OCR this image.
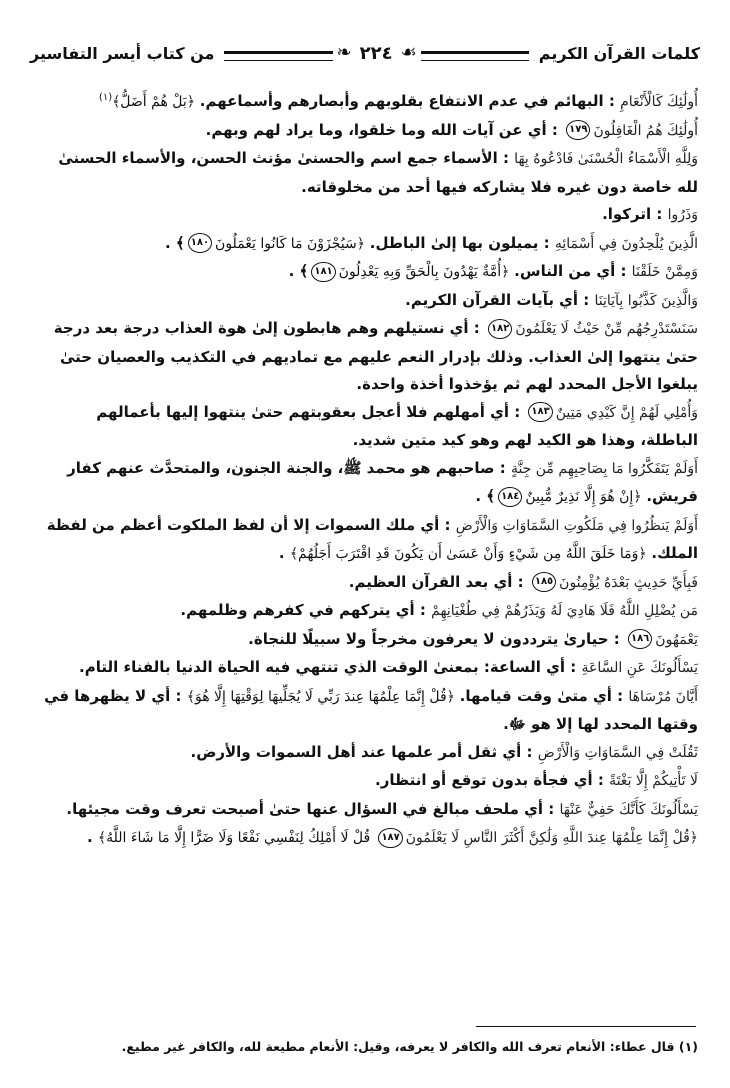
كلمات القرآن الكريم
❧ ٢٢٤ ☙
من كتاب أيسر التفاسير

أُولَٰئِكَ كَالْأَنْعَامِ : البهائم في عدم الانتفاع بقلوبهم وأبصارهم وأسماعهم. ﴿بَلْ هُمْ أَضَلُّ﴾$^{(١)}$

أُولَٰئِكَ هُمُ الْغَافِلُونَ١٧٩ : أي عن آيات الله وما خلقوا، وما يراد لهم وبهم.

وَلِلَّهِ الْأَسْمَاءُ الْحُسْنَىٰ فَادْعُوهُ بِهَا : الأسماء جمع اسم والحسنىٰ مؤنث الحسن، والأسماء الحسنىٰ لله خاصة دون غيره فلا يشاركه فيها أحد من مخلوقاته.

وَذَرُوا : اتركوا.

الَّذِينَ يُلْحِدُونَ فِي أَسْمَائِهِ : يميلون بها إلىٰ الباطل. ﴿سَيُجْزَوْنَ مَا كَانُوا يَعْمَلُونَ١٨٠﴾ .

وَمِمَّنْ خَلَقْنَا : أي من الناس. ﴿أُمَّةٌ يَهْدُونَ بِالْحَقِّ وَبِهِ يَعْدِلُونَ١٨١﴾ .

وَالَّذِينَ كَذَّبُوا بِآيَاتِنَا : أي بآيات القرآن الكريم.

سَنَسْتَدْرِجُهُم مِّنْ حَيْثُ لَا يَعْلَمُونَ١٨٢ : أي نستيلهم وهم هابطون إلىٰ هوة العذاب درجة بعد درجة حتىٰ ينتهوا إلىٰ العذاب. وذلك بإدرار النعم عليهم مع تماديهم في التكذيب والعصيان حتىٰ يبلغوا الأجل المحدد لهم ثم يؤخذوا أخذة واحدة.

وَأُمْلِي لَهُمْ إِنَّ كَيْدِي مَتِينٌ١٨٣ : أي أمهلهم فلا أعجل بعقوبتهم حتىٰ ينتهوا إليها بأعمالهم الباطلة، وهذا هو الكيد لهم وهو كيد متين شديد.

أَوَلَمْ يَتَفَكَّرُوا مَا بِصَاحِبِهِم مِّن جِنَّةٍ : صاحبهم هو محمد ﷺ، والجنة الجنون، والمتحدَّث عنهم كفار قريش. ﴿إِنْ هُوَ إِلَّا نَذِيرٌ مُّبِينٌ١٨٤﴾ .

أَوَلَمْ يَنظُرُوا فِي مَلَكُوتِ السَّمَاوَاتِ وَالْأَرْضِ : أي ملك السموات إلا أن لفظ الملكوت أعظم من لفظة الملك. ﴿وَمَا خَلَقَ اللَّهُ مِن شَيْءٍ وَأَنْ عَسَىٰ أَن يَكُونَ قَدِ اقْتَرَبَ أَجَلُهُمْ﴾ .

فَبِأَيِّ حَدِيثٍ بَعْدَهُ يُؤْمِنُونَ١٨٥ : أي بعد القرآن العظيم.

مَن يُضْلِلِ اللَّهُ فَلَا هَادِيَ لَهُ وَيَذَرُهُمْ فِي طُغْيَانِهِمْ : أي يتركهم في كفرهم وظلمهم.

يَعْمَهُونَ١٨٦ : حيارىٰ يترددون لا يعرفون مخرجاً ولا سبيلًا للنجاة.

يَسْأَلُونَكَ عَنِ السَّاعَةِ : أي الساعة: بمعنىٰ الوقت الذي تنتهي فيه الحياة الدنيا بالفناء التام.

أَيَّانَ مُرْسَاهَا : أي متىٰ وقت قيامها. ﴿قُلْ إِنَّمَا عِلْمُهَا عِندَ رَبِّي لَا يُجَلِّيهَا لِوَقْتِهَا إِلَّا هُوَ﴾ : أي لا يظهرها في وقتها المحدد لها إلا هو ﷻ.

ثَقُلَتْ فِي السَّمَاوَاتِ وَالْأَرْضِ : أي ثقل أمر علمها عند أهل السموات والأرض.

لَا تَأْتِيكُمْ إِلَّا بَغْتَةً : أي فجأة بدون توقع أو انتظار.

يَسْأَلُونَكَ كَأَنَّكَ حَفِيٌّ عَنْهَا : أي ملحف مبالغ في السؤال عنها حتىٰ أصبحت تعرف وقت مجيئها.

﴿قُلْ إِنَّمَا عِلْمُهَا عِندَ اللَّهِ وَلَٰكِنَّ أَكْثَرَ النَّاسِ لَا يَعْلَمُونَ١٨٧ قُلْ لَا أَمْلِكُ لِنَفْسِي نَفْعًا وَلَا ضَرًّا إِلَّا مَا شَاءَ اللَّهُ﴾ .

(١) قال عطاء: الأنعام تعرف الله والكافر لا يعرفه، وقيل: الأنعام مطيعة لله، والكافر غير مطيع.
